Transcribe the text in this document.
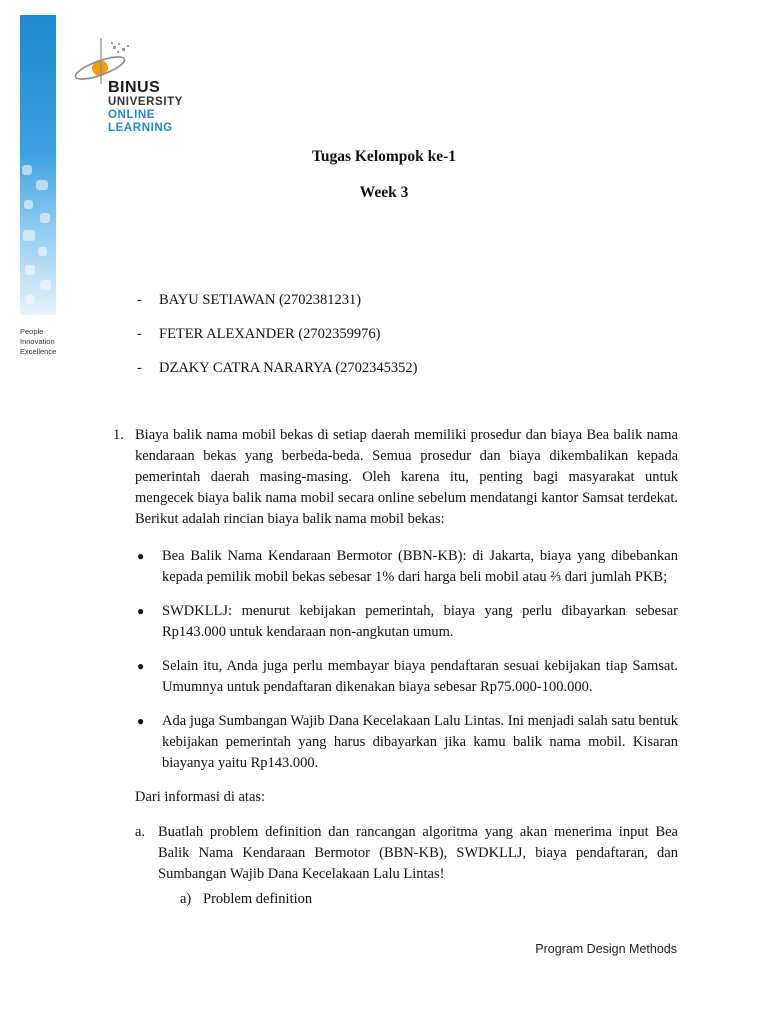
BINUS
UNIVERSITY
ONLINE
LEARNING
People
Innovation
Excellence
Tugas Kelompok ke-1
Week 3
-	BAYU SETIAWAN (2702381231)
-	FETER ALEXANDER (2702359976)
-	DZAKY CATRA NARARYA (2702345352)
1. Biaya balik nama mobil bekas di setiap daerah memiliki prosedur dan biaya Bea balik nama kendaraan bekas yang berbeda-beda. Semua prosedur dan biaya dikembalikan kepada pemerintah daerah masing-masing. Oleh karena itu, penting bagi masyarakat untuk mengecek biaya balik nama mobil secara online sebelum mendatangi kantor Samsat terdekat. Berikut adalah rincian biaya balik nama mobil bekas:
●	Bea Balik Nama Kendaraan Bermotor (BBN-KB): di Jakarta, biaya yang dibebankan kepada pemilik mobil bekas sebesar 1% dari harga beli mobil atau ⅔ dari jumlah PKB;
●	SWDKLLJ: menurut kebijakan pemerintah, biaya yang perlu dibayarkan sebesar Rp143.000 untuk kendaraan non-angkutan umum.
●	Selain itu, Anda juga perlu membayar biaya pendaftaran sesuai kebijakan tiap Samsat. Umumnya untuk pendaftaran dikenakan biaya sebesar Rp75.000-100.000.
●	Ada juga Sumbangan Wajib Dana Kecelakaan Lalu Lintas. Ini menjadi salah satu bentuk kebijakan pemerintah yang harus dibayarkan jika kamu balik nama mobil. Kisaran biayanya yaitu Rp143.000.
Dari informasi di atas:
a. Buatlah problem definition dan rancangan algoritma yang akan menerima input Bea Balik Nama Kendaraan Bermotor (BBN-KB), SWDKLLJ, biaya pendaftaran, dan Sumbangan Wajib Dana Kecelakaan Lalu Lintas!
a) Problem definition
Program Design Methods
